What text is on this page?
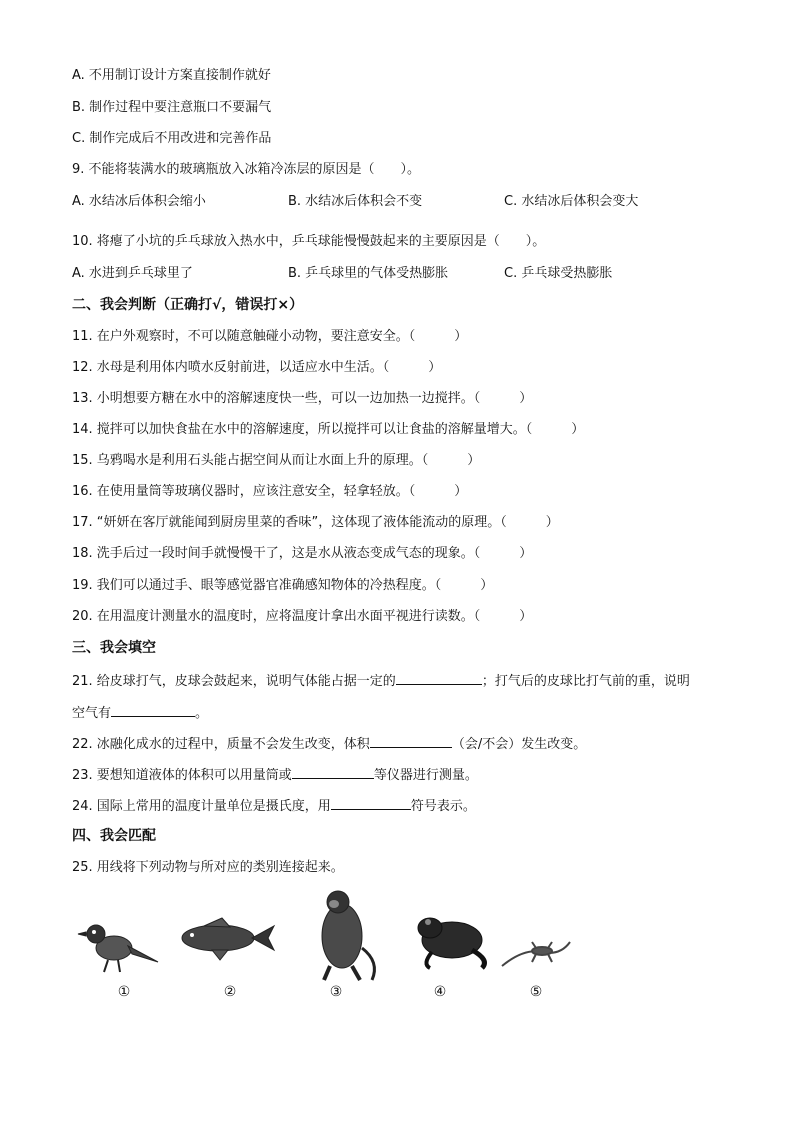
A. 不用制订设计方案直接制作就好
B. 制作过程中要注意瓶口不要漏气
C. 制作完成后不用改进和完善作品
9. 不能将装满水的玻璃瓶放入冰箱冷冻层的原因是（　　）。
A. 水结冰后体积会缩小	B. 水结冰后体积会不变	C. 水结冰后体积会变大
10. 将瘪了小坑的乒乓球放入热水中，乒乓球能慢慢鼓起来的主要原因是（　　）。
A. 水进到乒乓球里了	B. 乒乓球里的气体受热膨胀	C. 乒乓球受热膨胀
二、我会判断（正确打√，错误打×）
11. 在户外观察时，不可以随意触碰小动物，要注意安全。（　　　）
12. 水母是利用体内喷水反射前进，以适应水中生活。（　　　）
13. 小明想要方糖在水中的溶解速度快一些，可以一边加热一边搅拌。（　　　）
14. 搅拌可以加快食盐在水中的溶解速度，所以搅拌可以让食盐的溶解量增大。（　　　）
15. 乌鸦喝水是利用石头能占据空间从而让水面上升的原理。（　　　）
16. 在使用量筒等玻璃仪器时，应该注意安全，轻拿轻放。（　　　）
17. “妍妍在客厅就能闻到厨房里菜的香味”，这体现了液体能流动的原理。（　　　）
18. 洗手后过一段时间手就慢慢干了，这是水从液态变成气态的现象。（　　　）
19. 我们可以通过手、眼等感觉器官准确感知物体的冷热程度。（　　　）
20. 在用温度计测量水的温度时，应将温度计拿出水面平视进行读数。（　　　）
三、我会填空
21. 给皮球打气，皮球会鼓起来，说明气体能占据一定的	；打气后的皮球比打气前的重，说明
空气有	。
22. 冰融化成水的过程中，质量不会发生改变，体积	（会/不会）发生改变。
23. 要想知道液体的体积可以用量筒或	等仪器进行测量。
24. 国际上常用的温度计量单位是摄氏度，用	符号表示。
四、我会匹配
25. 用线将下列动物与所对应的类别连接起来。
①	②	③	④	⑤
